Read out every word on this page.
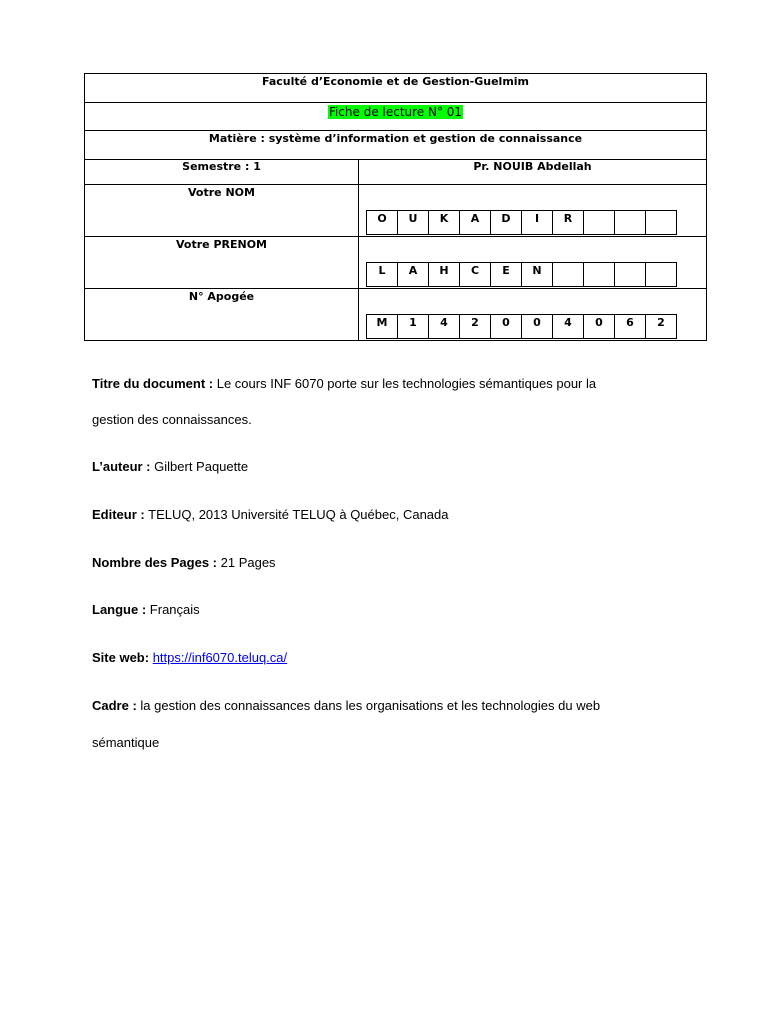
Faculté d’Economie et de Gestion-Guelmim
Fiche de lecture N° 01
Matière : système d’information et gestion de connaissance
Semestre : 1	Pr. NOUIB Abdellah

Votre NOM

O	U	K	A	D	I	R

Votre PRENOM

L	A	H	C	E	N

N° Apogée

M	1	4	2	0	0	4	0	6	2
Titre du document : Le cours INF 6070 porte sur les technologies sémantiques pour la
gestion des connaissances.
L’auteur : Gilbert Paquette
Editeur : TELUQ, 2013 Université TELUQ à Québec, Canada
Nombre des Pages : 21 Pages
Langue : Français
Site web: https://inf6070.teluq.ca/
Cadre : la gestion des connaissances dans les organisations et les technologies du web
sémantique
